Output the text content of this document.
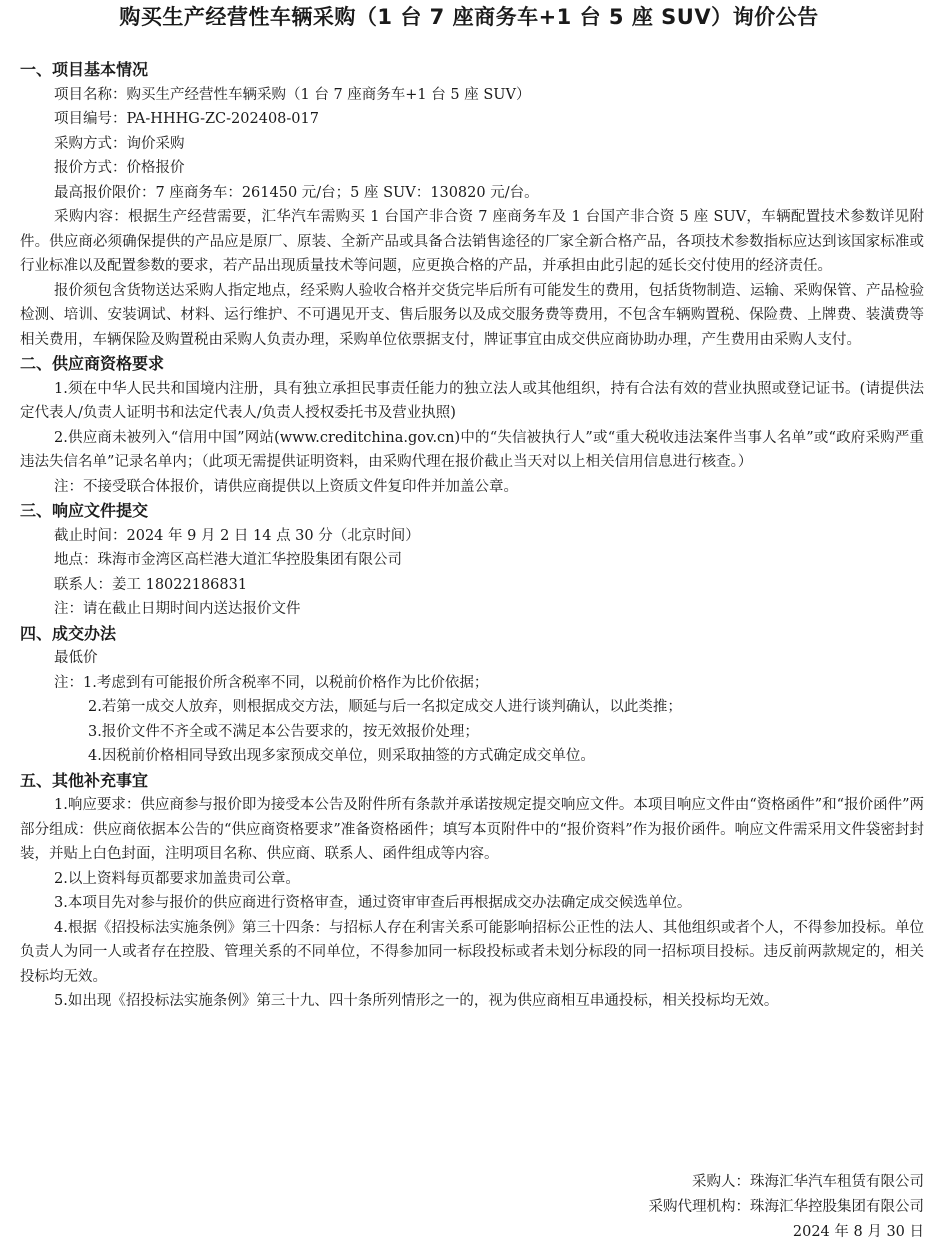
购买生产经营性车辆采购（1 台 7 座商务车+1 台 5 座 SUV）询价公告

一、项目基本情况

项目名称：购买生产经营性车辆采购（1 台 7 座商务车+1 台 5 座 SUV）

项目编号：PA-HHHG-ZC-202408-017

采购方式：询价采购

报价方式：价格报价

最高报价限价：7 座商务车：261450 元/台；5 座 SUV：130820 元/台。

采购内容：根据生产经营需要，汇华汽车需购买 1 台国产非合资 7 座商务车及 1 台国产非合资 5 座 SUV，车辆配置技术参数详见附件。供应商必须确保提供的产品应是原厂、原装、全新产品或具备合法销售途径的厂家全新合格产品，各项技术参数指标应达到该国家标准或行业标准以及配置参数的要求，若产品出现质量技术等问题，应更换合格的产品，并承担由此引起的延长交付使用的经济责任。

报价须包含货物送达采购人指定地点，经采购人验收合格并交货完毕后所有可能发生的费用，包括货物制造、运输、采购保管、产品检验检测、培训、安装调试、材料、运行维护、不可遇见开支、售后服务以及成交服务费等费用，不包含车辆购置税、保险费、上牌费、装潢费等相关费用，车辆保险及购置税由采购人负责办理，采购单位依票据支付，牌证事宜由成交供应商协助办理，产生费用由采购人支付。

二、供应商资格要求

1.须在中华人民共和国境内注册，具有独立承担民事责任能力的独立法人或其他组织，持有合法有效的营业执照或登记证书。(请提供法定代表人/负责人证明书和法定代表人/负责人授权委托书及营业执照)

2.供应商未被列入“信用中国”网站(www.creditchina.gov.cn)中的“失信被执行人”或“重大税收违法案件当事人名单”或“政府采购严重违法失信名单”记录名单内；（此项无需提供证明资料，由采购代理在报价截止当天对以上相关信用信息进行核查。）

注：不接受联合体报价，请供应商提供以上资质文件复印件并加盖公章。

三、响应文件提交

截止时间：2024 年 9 月 2 日 14 点 30 分（北京时间）

地点：珠海市金湾区高栏港大道汇华控股集团有限公司

联系人：姜工 18022186831

注：请在截止日期时间内送达报价文件

四、成交办法

最低价

注：1.考虑到有可能报价所含税率不同，以税前价格作为比价依据；

2.若第一成交人放弃，则根据成交方法，顺延与后一名拟定成交人进行谈判确认，以此类推；

3.报价文件不齐全或不满足本公告要求的，按无效报价处理；

4.因税前价格相同导致出现多家预成交单位，则采取抽签的方式确定成交单位。

五、其他补充事宜

1.响应要求：供应商参与报价即为接受本公告及附件所有条款并承诺按规定提交响应文件。本项目响应文件由“资格函件”和“报价函件”两部分组成：供应商依据本公告的“供应商资格要求”准备资格函件；填写本页附件中的“报价资料”作为报价函件。响应文件需采用文件袋密封封装，并贴上白色封面，注明项目名称、供应商、联系人、函件组成等内容。

2.以上资料每页都要求加盖贵司公章。

3.本项目先对参与报价的供应商进行资格审查，通过资审审查后再根据成交办法确定成交候选单位。

4.根据《招投标法实施条例》第三十四条：与招标人存在利害关系可能影响招标公正性的法人、其他组织或者个人，不得参加投标。单位负责人为同一人或者存在控股、管理关系的不同单位，不得参加同一标段投标或者未划分标段的同一招标项目投标。违反前两款规定的，相关投标均无效。

5.如出现《招投标法实施条例》第三十九、四十条所列情形之一的，视为供应商相互串通投标，相关投标均无效。

采购人：珠海汇华汽车租赁有限公司
采购代理机构：珠海汇华控股集团有限公司
2024 年 8 月 30 日
